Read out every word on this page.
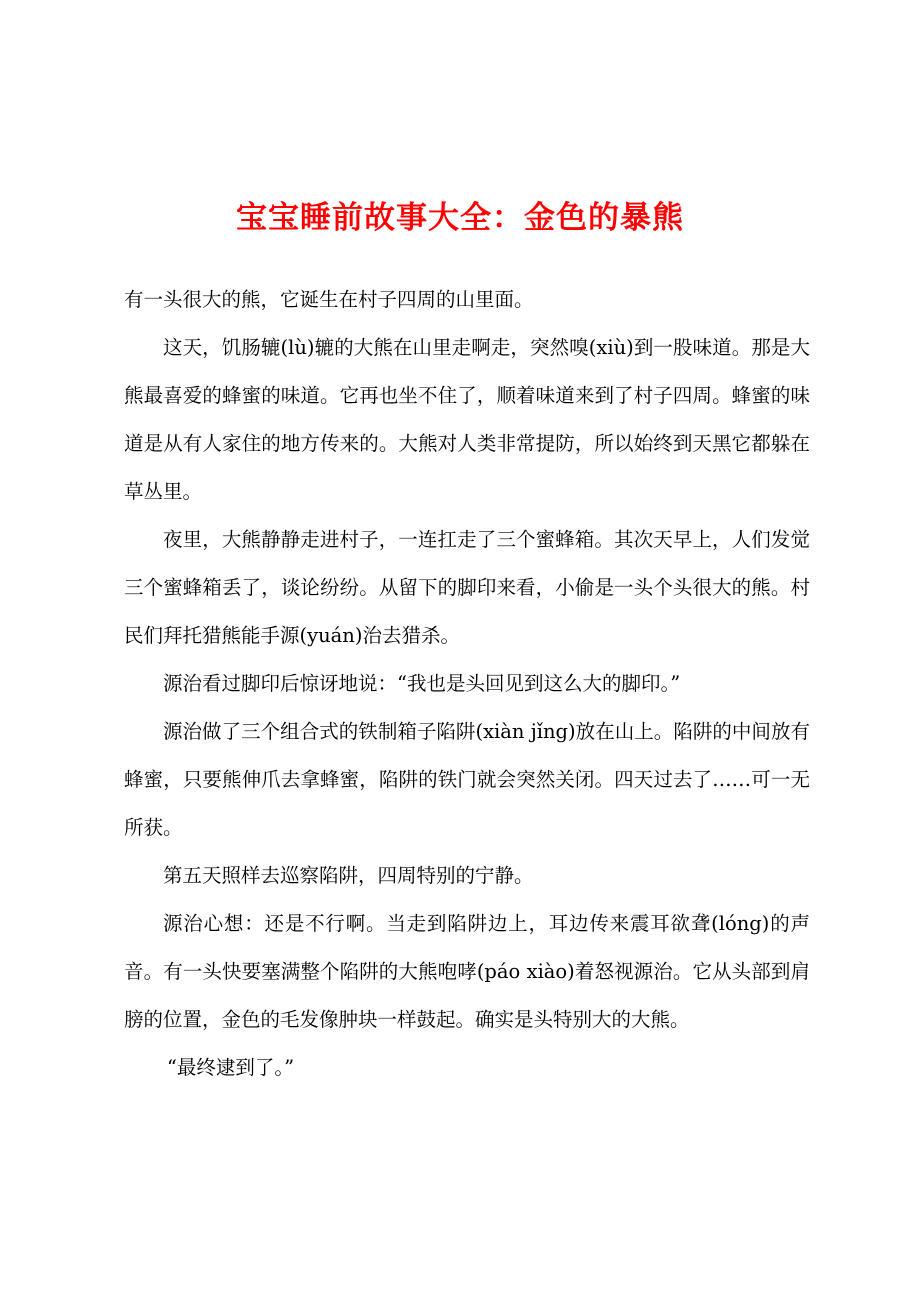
宝宝睡前故事大全：金色的暴熊

有一头很大的熊，它诞生在村子四周的山里面。

这天，饥肠辘(lù)辘的大熊在山里走啊走，突然嗅(xiù)到一股味道。那是大熊最喜爱的蜂蜜的味道。它再也坐不住了，顺着味道来到了村子四周。蜂蜜的味道是从有人家住的地方传来的。大熊对人类非常提防，所以始终到天黑它都躲在草丛里。

夜里，大熊静静走进村子，一连扛走了三个蜜蜂箱。其次天早上，人们发觉三个蜜蜂箱丢了，谈论纷纷。从留下的脚印来看，小偷是一头个头很大的熊。村民们拜托猎熊能手源(yuán)治去猎杀。

源治看过脚印后惊讶地说：“我也是头回见到这么大的脚印。”

源治做了三个组合式的铁制箱子陷阱(xiàn jǐng)放在山上。陷阱的中间放有蜂蜜，只要熊伸爪去拿蜂蜜，陷阱的铁门就会突然关闭。四天过去了……可一无所获。

第五天照样去巡察陷阱，四周特别的宁静。

源治心想：还是不行啊。当走到陷阱边上，耳边传来震耳欲聋(lóng)的声音。有一头快要塞满整个陷阱的大熊咆哮(páo xiào)着怒视源治。它从头部到肩膀的位置，金色的毛发像肿块一样鼓起。确实是头特别大的大熊。

“最终逮到了。”
